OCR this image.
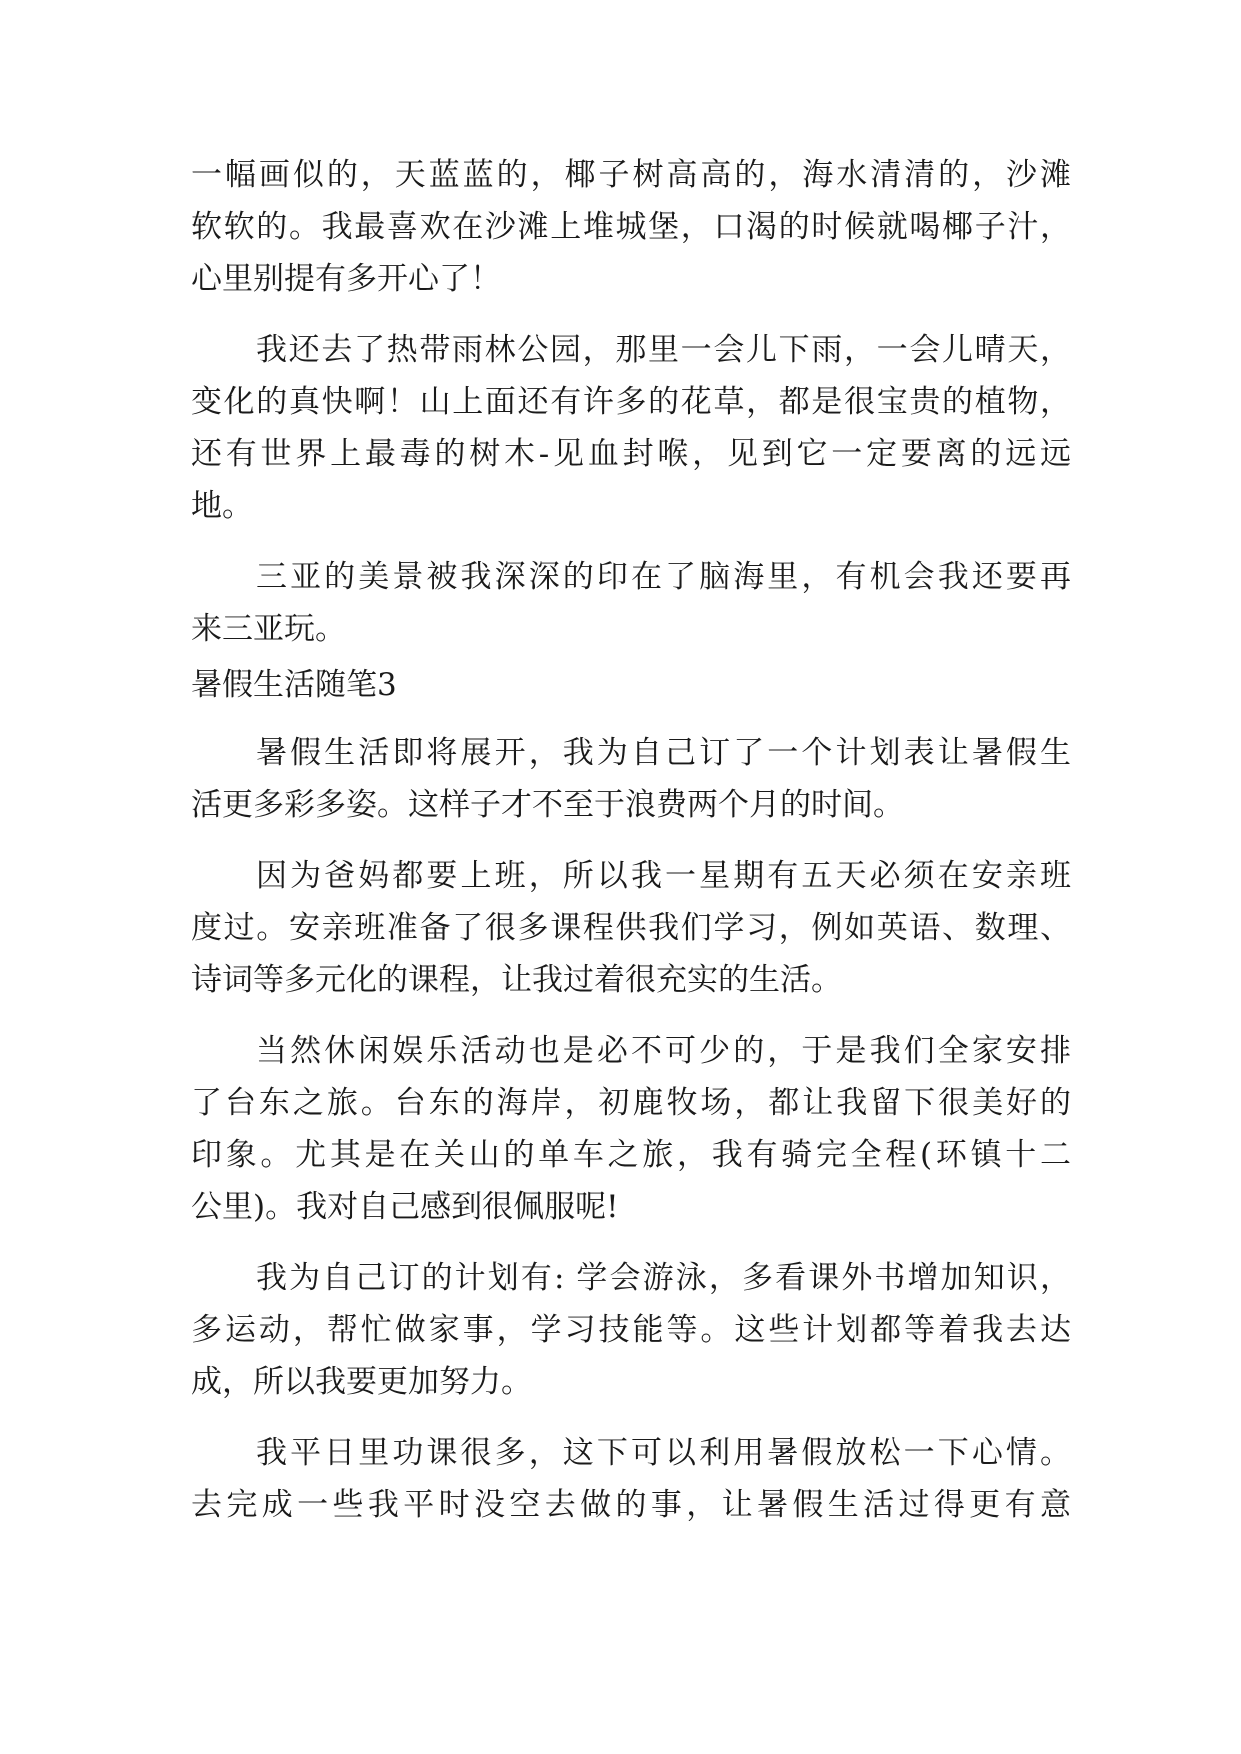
一幅画似的，天蓝蓝的，椰子树高高的，海水清清的，沙滩
软软的。我最喜欢在沙滩上堆城堡，口渴的时候就喝椰子汁，
心里别提有多开心了！
我还去了热带雨林公园，那里一会儿下雨，一会儿晴天，
变化的真快啊！山上面还有许多的花草，都是很宝贵的植物，
还有世界上最毒的树木-见血封喉，见到它一定要离的远远
地。
三亚的美景被我深深的印在了脑海里，有机会我还要再
来三亚玩。
暑假生活随笔3
暑假生活即将展开，我为自己订了一个计划表让暑假生
活更多彩多姿。这样子才不至于浪费两个月的时间。
因为爸妈都要上班，所以我一星期有五天必须在安亲班
度过。安亲班准备了很多课程供我们学习，例如英语、数理、
诗词等多元化的课程，让我过着很充实的生活。
当然休闲娱乐活动也是必不可少的，于是我们全家安排
了台东之旅。台东的海岸，初鹿牧场，都让我留下很美好的
印象。尤其是在关山的单车之旅，我有骑完全程(环镇十二
公里)。我对自己感到很佩服呢!
我为自己订的计划有: 学会游泳，多看课外书增加知识，
多运动，帮忙做家事，学习技能等。这些计划都等着我去达
成，所以我要更加努力。
我平日里功课很多，这下可以利用暑假放松一下心情。
去完成一些我平时没空去做的事，让暑假生活过得更有意
